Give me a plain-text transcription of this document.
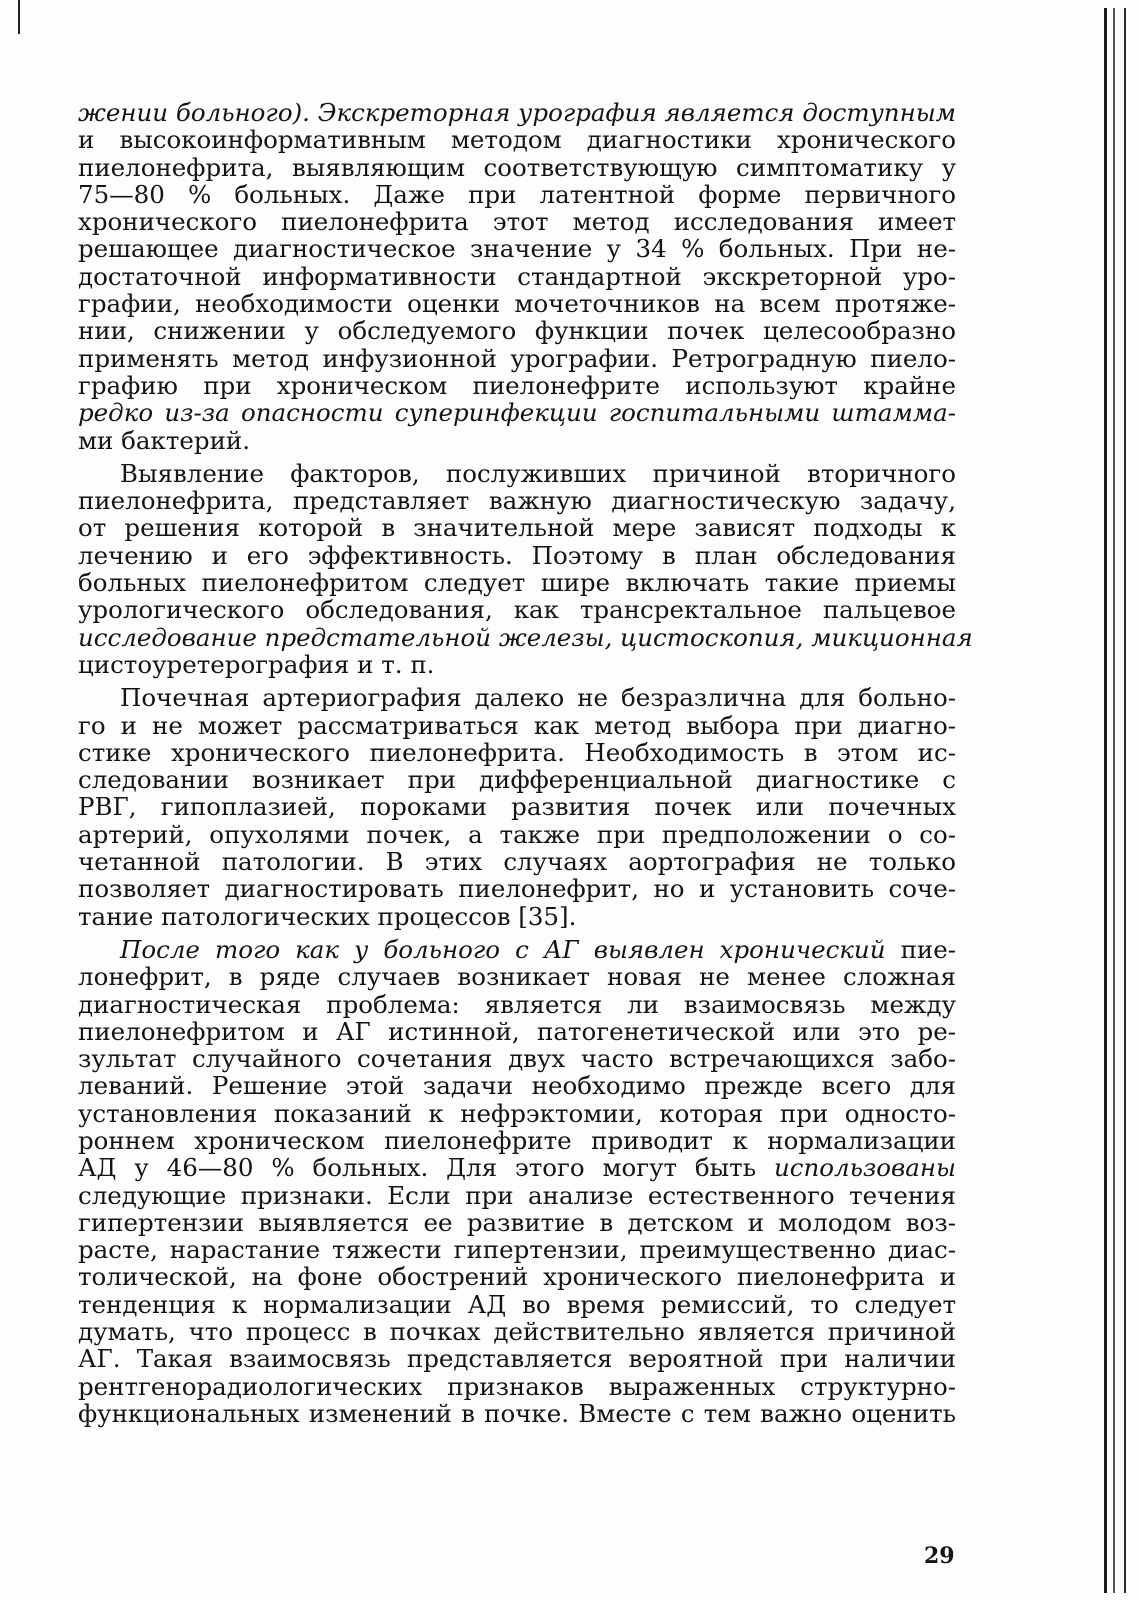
жении больного). Экскреторная урография является доступным
и высокоинформативным методом диагностики хронического
пиелонефрита, выявляющим соответствующую симптоматику у
75—80 % больных. Даже при латентной форме первичного
хронического пиелонефрита этот метод исследования имеет
решающее диагностическое значение у 34 % больных. При не-
достаточной информативности стандартной экскреторной уро-
графии, необходимости оценки мочеточников на всем протяже-
нии, снижении у обследуемого функции почек целесообразно
применять метод инфузионной урографии. Ретроградную пиело-
графию при хроническом пиелонефрите используют крайне
редко из-за опасности суперинфекции госпитальными штамма-
ми бактерий.
Выявление факторов, послуживших причиной вторичного
пиелонефрита, представляет важную диагностическую задачу,
от решения которой в значительной мере зависят подходы к
лечению и его эффективность. Поэтому в план обследования
больных пиелонефритом следует шире включать такие приемы
урологического обследования, как трансректальное пальцевое
исследование предстательной железы, цистоскопия, микционная
цистоуретерография и т. п.
Почечная артериография далеко не безразлична для больно-
го и не может рассматриваться как метод выбора при диагно-
стике хронического пиелонефрита. Необходимость в этом ис-
следовании возникает при дифференциальной диагностике с
РВГ, гипоплазией, пороками развития почек или почечных
артерий, опухолями почек, а также при предположении о со-
четанной патологии. В этих случаях аортография не только
позволяет диагностировать пиелонефрит, но и установить соче-
тание патологических процессов [35].
После того как у больного с АГ выявлен хронический пие-
лонефрит, в ряде случаев возникает новая не менее сложная
диагностическая проблема: является ли взаимосвязь между
пиелонефритом и АГ истинной, патогенетической или это ре-
зультат случайного сочетания двух часто встречающихся забо-
леваний. Решение этой задачи необходимо прежде всего для
установления показаний к нефрэктомии, которая при односто-
роннем хроническом пиелонефрите приводит к нормализации
АД у 46—80 % больных. Для этого могут быть использованы
следующие признаки. Если при анализе естественного течения
гипертензии выявляется ее развитие в детском и молодом воз-
расте, нарастание тяжести гипертензии, преимущественно диас-
толической, на фоне обострений хронического пиелонефрита и
тенденция к нормализации АД во время ремиссий, то следует
думать, что процесс в почках действительно является причиной
АГ. Такая взаимосвязь представляется вероятной при наличии
рентгенорадиологических признаков выраженных структурно-
функциональных изменений в почке. Вместе с тем важно оценить
29
